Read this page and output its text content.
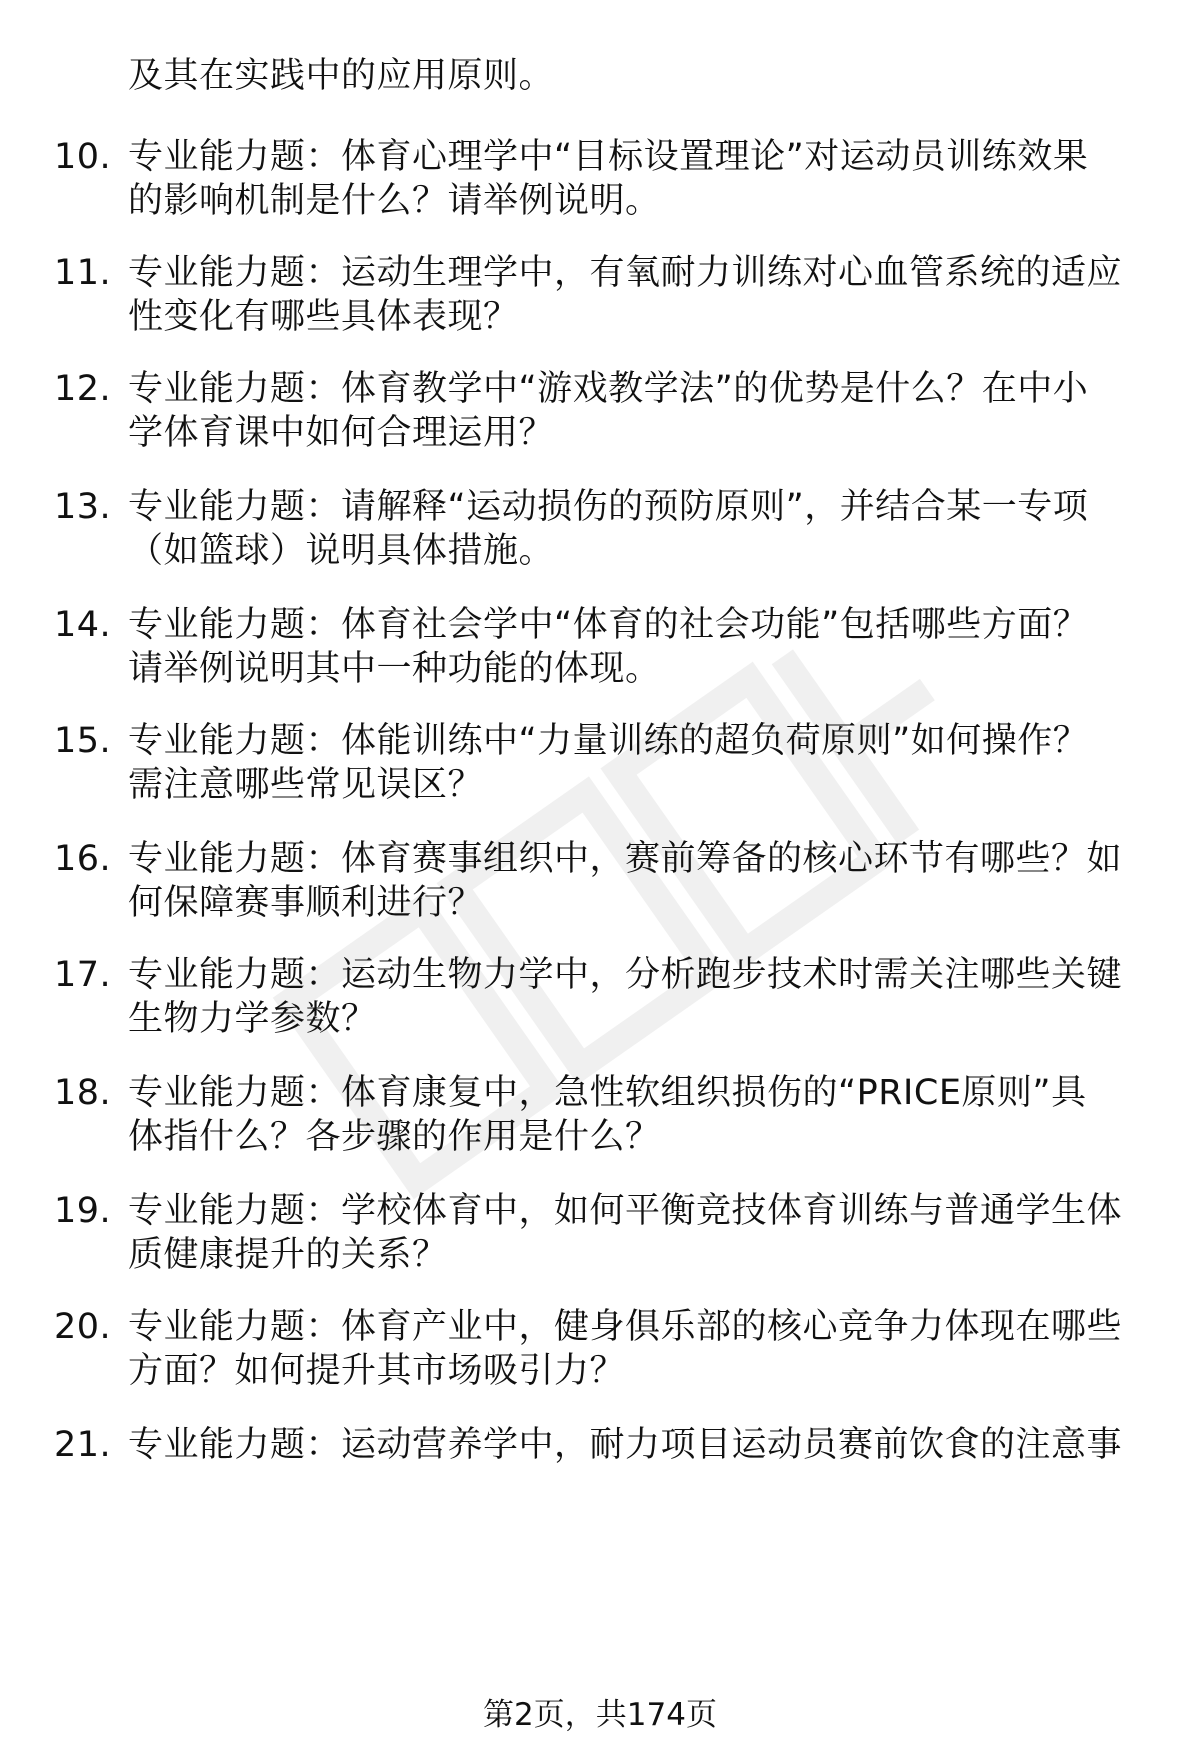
及其在实践中的应用原则。
10. 专业能力题：体育心理学中“目标设置理论”对运动员训练效果
的影响机制是什么？请举例说明。
11. 专业能力题：运动生理学中，有氧耐力训练对心血管系统的适应
性变化有哪些具体表现？
12. 专业能力题：体育教学中“游戏教学法”的优势是什么？在中小
学体育课中如何合理运用？
13. 专业能力题：请解释“运动损伤的预防原则”，并结合某一专项
（如篮球）说明具体措施。
14. 专业能力题：体育社会学中“体育的社会功能”包括哪些方面？
请举例说明其中一种功能的体现。
15. 专业能力题：体能训练中“力量训练的超负荷原则”如何操作？
需注意哪些常见误区？
16. 专业能力题：体育赛事组织中，赛前筹备的核心环节有哪些？如
何保障赛事顺利进行？
17. 专业能力题：运动生物力学中，分析跑步技术时需关注哪些关键
生物力学参数？
18. 专业能力题：体育康复中，急性软组织损伤的“PRICE原则”具
体指什么？各步骤的作用是什么？
19. 专业能力题：学校体育中，如何平衡竞技体育训练与普通学生体
质健康提升的关系？
20. 专业能力题：体育产业中，健身俱乐部的核心竞争力体现在哪些
方面？如何提升其市场吸引力？
21. 专业能力题：运动营养学中，耐力项目运动员赛前饮食的注意事
第2页，共174页
